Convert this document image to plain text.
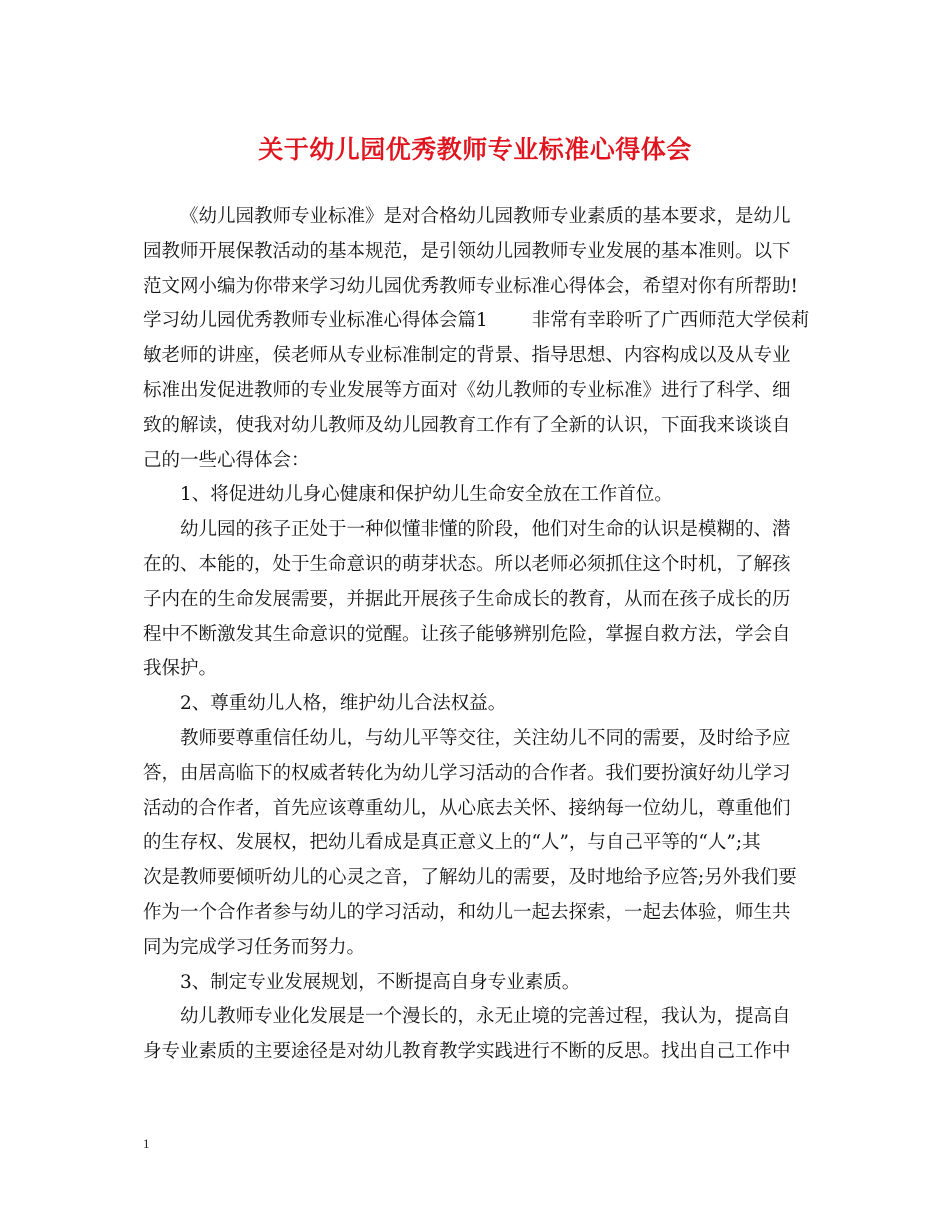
关于幼儿园优秀教师专业标准心得体会
《幼儿园教师专业标准》是对合格幼儿园教师专业素质的基本要求，是幼儿
园教师开展保教活动的基本规范，是引领幼儿园教师专业发展的基本准则。以下
范文网小编为你带来学习幼儿园优秀教师专业标准心得体会，希望对你有所帮助!
学习幼儿园优秀教师专业标准心得体会篇1 非常有幸聆听了广西师范大学侯莉
敏老师的讲座，侯老师从专业标准制定的背景、指导思想、内容构成以及从专业
标准出发促进教师的专业发展等方面对《幼儿教师的专业标准》进行了科学、细
致的解读，使我对幼儿教师及幼儿园教育工作有了全新的认识，下面我来谈谈自
己的一些心得体会：
1、将促进幼儿身心健康和保护幼儿生命安全放在工作首位。
幼儿园的孩子正处于一种似懂非懂的阶段，他们对生命的认识是模糊的、潜
在的、本能的，处于生命意识的萌芽状态。所以老师必须抓住这个时机，了解孩
子内在的生命发展需要，并据此开展孩子生命成长的教育，从而在孩子成长的历
程中不断激发其生命意识的觉醒。让孩子能够辨别危险，掌握自救方法，学会自
我保护。
2、尊重幼儿人格，维护幼儿合法权益。
教师要尊重信任幼儿，与幼儿平等交往，关注幼儿不同的需要，及时给予应
答，由居高临下的权威者转化为幼儿学习活动的合作者。我们要扮演好幼儿学习
活动的合作者，首先应该尊重幼儿，从心底去关怀、接纳每一位幼儿，尊重他们
的生存权、发展权，把幼儿看成是真正意义上的“人”，与自己平等的“人”;其
次是教师要倾听幼儿的心灵之音，了解幼儿的需要，及时地给予应答;另外我们要
作为一个合作者参与幼儿的学习活动，和幼儿一起去探索，一起去体验，师生共
同为完成学习任务而努力。
3、制定专业发展规划，不断提高自身专业素质。
幼儿教师专业化发展是一个漫长的，永无止境的完善过程，我认为，提高自
身专业素质的主要途径是对幼儿教育教学实践进行不断的反思。找出自己工作中
1
